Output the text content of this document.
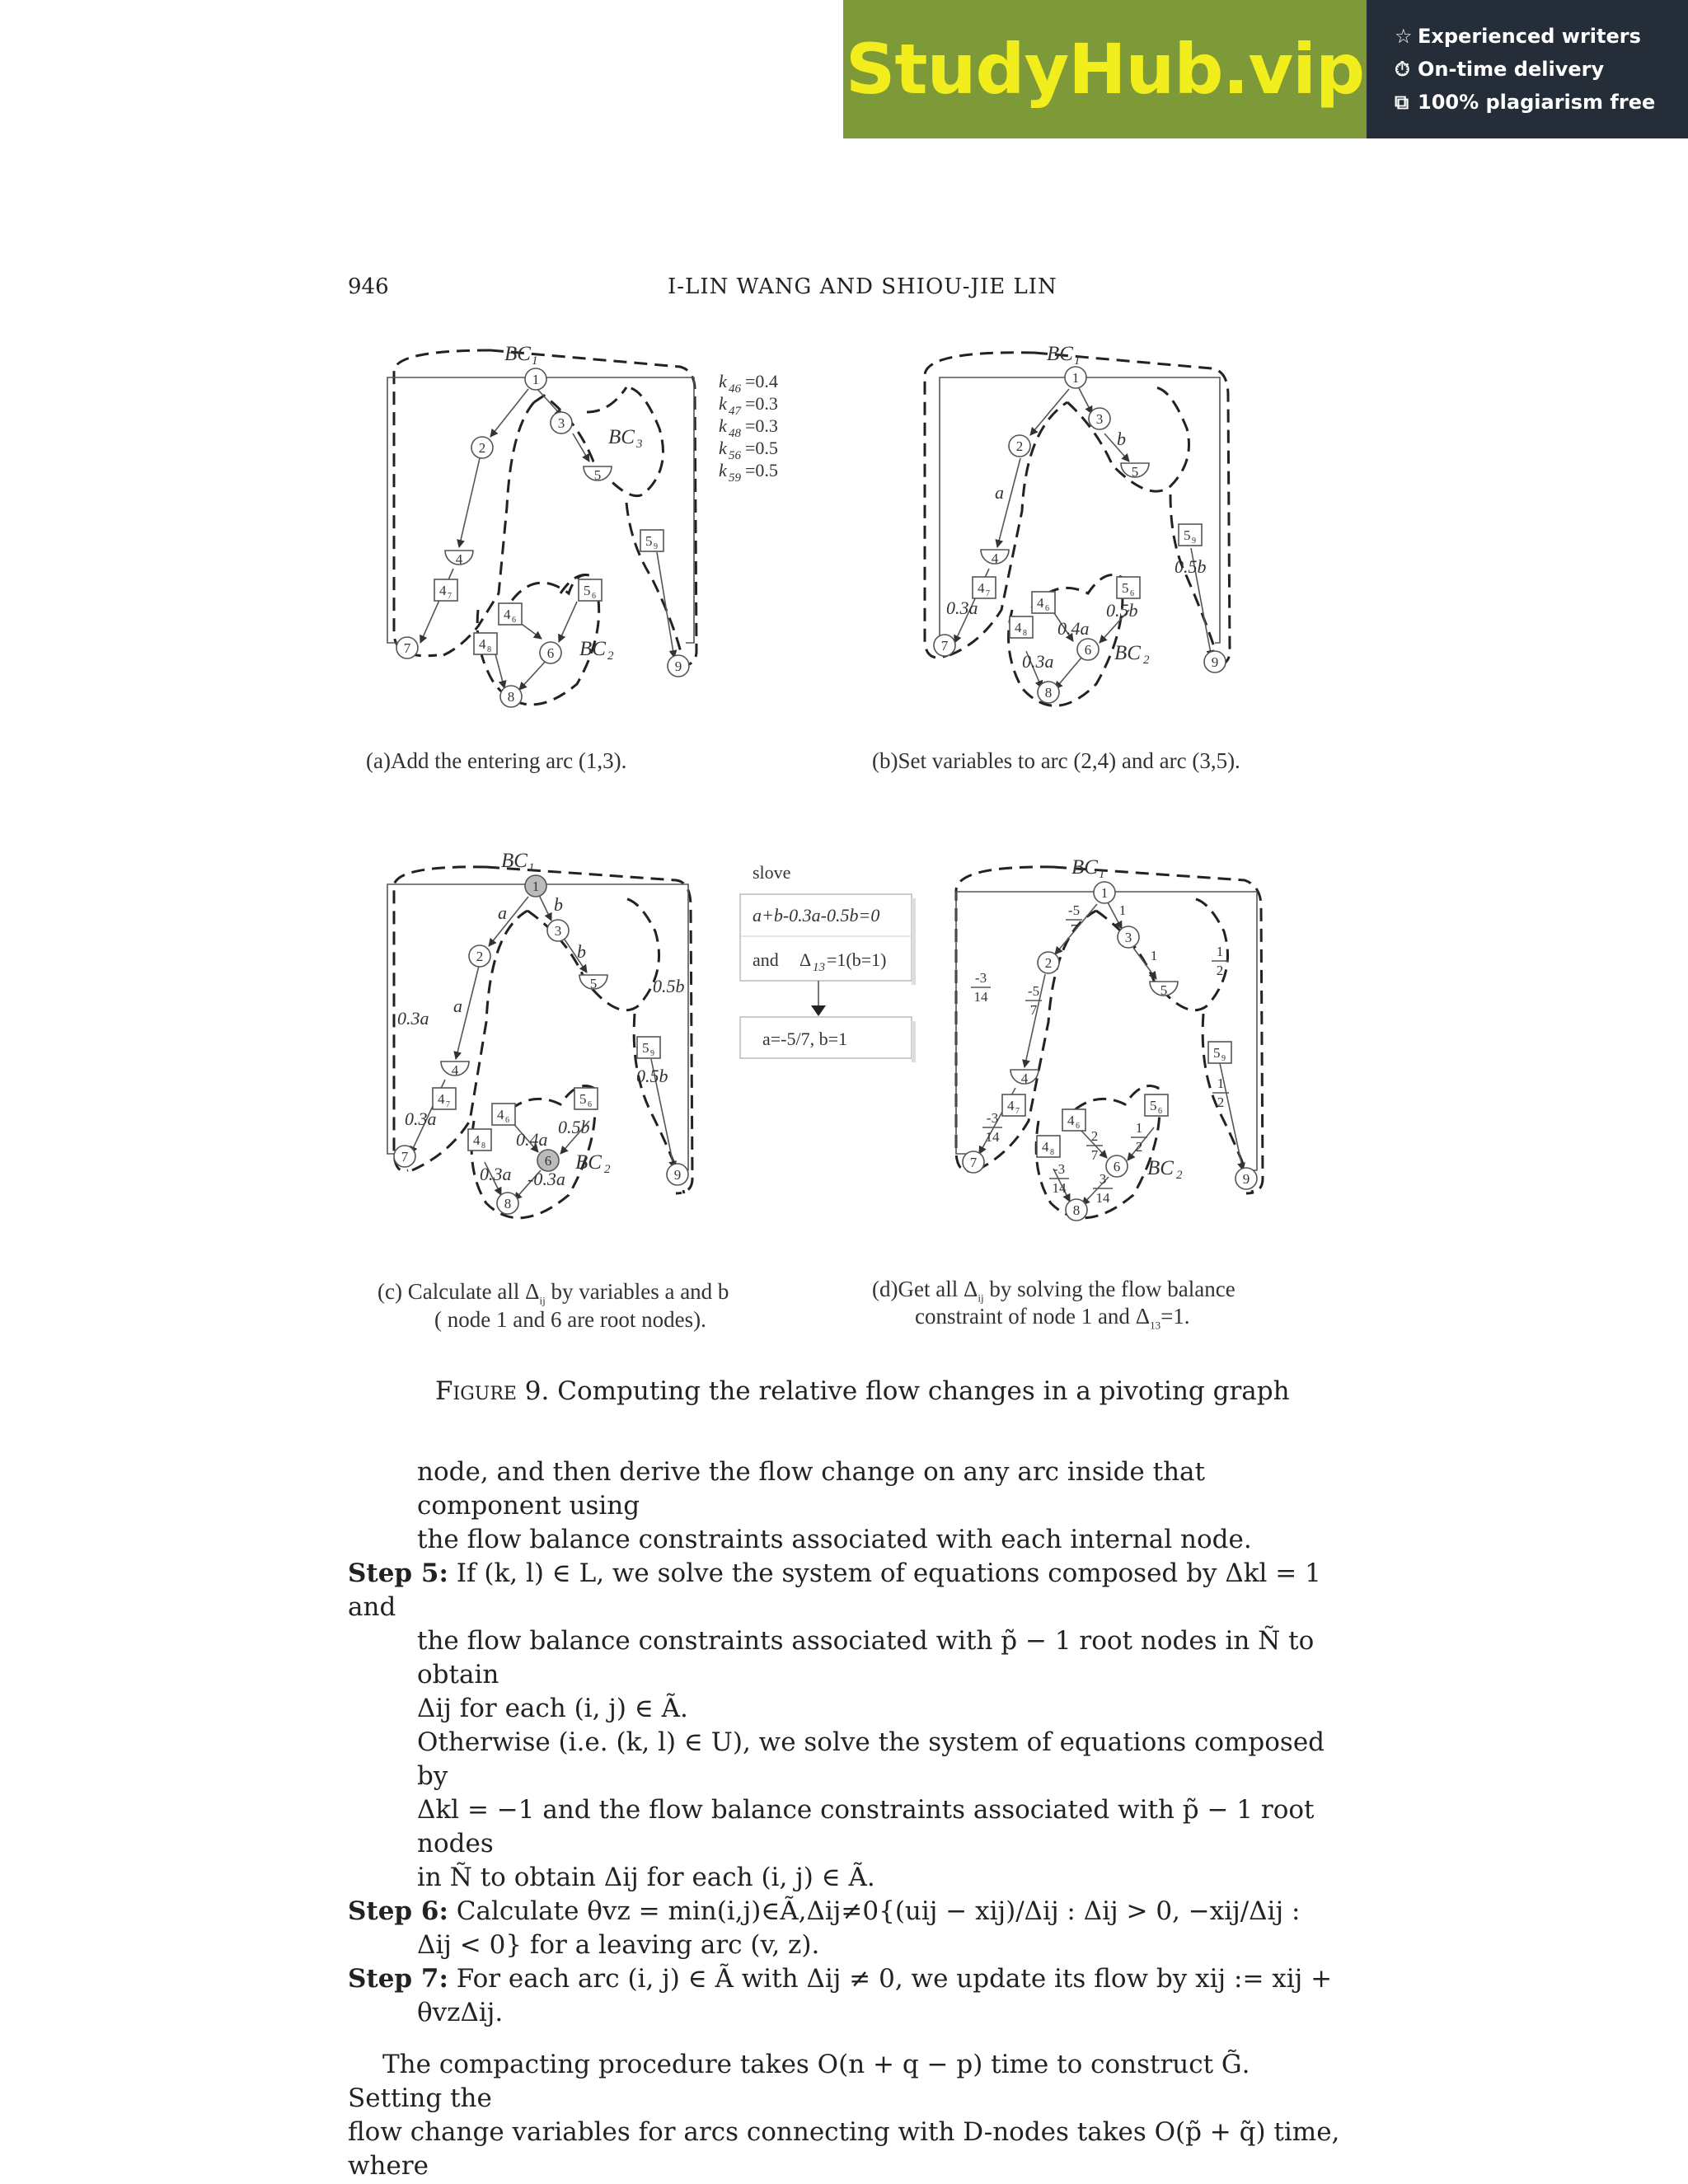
StudyHub.vip ☆ Experienced writers
⏱ On-time delivery
⧉ 100% plagiarism free
946	I-LIN WANG AND SHIOU-JIE LIN
1
2
3
4
5
6
7
8
9
4 7
4 6
4 8
5 6
5 9
BC 1
BC 3
BC 2
k 46 =0.4
k 47 =0.3
k 48 =0.3
k 56 =0.5
k 59 =0.5
1
2
3
4
5
6
7
8
9
4 7
4 6
4 8
5 6
5 9
BC 1
BC 2
a
b
0.5b
0.3a
0.4a
0.5b
0.3a
slove
a+b-0.3a-0.5b=0
and Δ 13 =1(b=1)
a=-5/7, b=1
1
2
3
4
5
6
7
8
9
4 7
4 6
4 8
5 6
5 9
BC 1
BC 2
a	b
a
b
0.5b
0.3a
0.5b
0.3a
0.4a
0.5b
0.3a -0.3a
1
2
3
4
5
6
7
8
9
4 7
4 6
4 8
5 6
5 9
BC 1
BC 2
-5
7
-3
14	-5
7
-3
14
-3
14
2
7
3
14
1
2
1
2
1
2
1
1
(a)Add the entering arc (1,3).	(b)Set variables to arc (2,4) and arc (3,5).
(c) Calculate all $\Delta_{ij}$ by variables a and b
( node 1 and 6 are root nodes).
(d)Get all $\Delta_{ij}$ by solving the flow balance
constraint of node 1 and $\Delta_{13}=1$.
Figure 9. Computing the relative flow changes in a pivoting graph

node, and then derive the flow change on any arc inside that component using

the flow balance constraints associated with each internal node.

Step 5: If (k, l) ∈ L, we solve the system of equations composed by Δkl = 1 and

the flow balance constraints associated with p̃ − 1 root nodes in Ñ to obtain

Δij for each (i, j) ∈ Ã.

Otherwise (i.e. (k, l) ∈ U), we solve the system of equations composed by

Δkl = −1 and the flow balance constraints associated with p̃ − 1 root nodes

in Ñ to obtain Δij for each (i, j) ∈ Ã.

Step 6: Calculate θvz = min(i,j)∈Ã,Δij≠0{(uij − xij)/Δij : Δij > 0, −xij/Δij :

Δij < 0} for a leaving arc (v, z).

Step 7: For each arc (i, j) ∈ Ã with Δij ≠ 0, we update its flow by xij := xij +

θvzΔij.

The compacting procedure takes O(n + q − p) time to construct G̃. Setting the

flow change variables for arcs connecting with D-nodes takes O(p̃ + q̃) time, where
